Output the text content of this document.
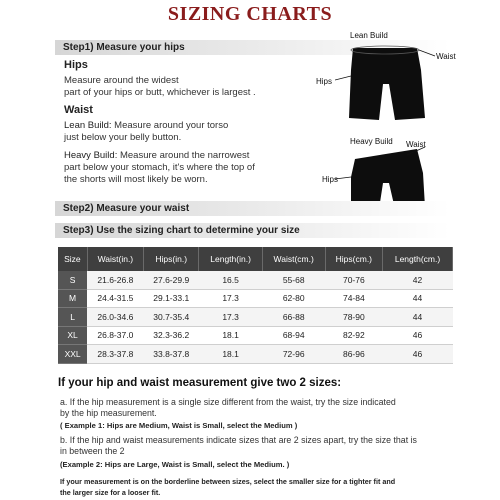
SIZING CHARTS
Step1) Measure your hips
Hips
Measure around the widest
part of your hips or butt, whichever is largest .
Waist
Lean Build: Measure around your torso
just below your belly button.
Heavy Build: Measure around the narrowest
part below your stomach, it's where the top of
the shorts will most likely be worn.
Lean Build
Waist
Hips
Heavy Build Waist
Hips
Step2) Measure your waist
Step3) Use the sizing chart to determine your size
Size	Waist(in.)	Hips(in.)	Length(in.)	Waist(cm.)	Hips(cm.)	Length(cm.)
S	21.6-26.8	27.6-29.9	16.5	55-68	70-76	42
M	24.4-31.5	29.1-33.1	17.3	62-80	74-84	44
L	26.0-34.6	30.7-35.4	17.3	66-88	78-90	44
XL	26.8-37.0	32.3-36.2	18.1	68-94	82-92	46
XXL	28.3-37.8	33.8-37.8	18.1	72-96	86-96	46
If your hip and waist measurement give two 2 sizes:
a. If the hip measurement is a single size different from the waist, try the size indicated
by the hip measurement.
( Example 1: Hips are Medium, Waist is Small, select the Medium )
b. If the hip and waist measurements indicate sizes that are 2 sizes apart, try the size that is
in between the 2
(Example 2: Hips are Large, Waist is Small, select the Medium. )
If your measurement is on the borderline between sizes, select the smaller size for a tighter fit and
the larger size for a looser fit.
